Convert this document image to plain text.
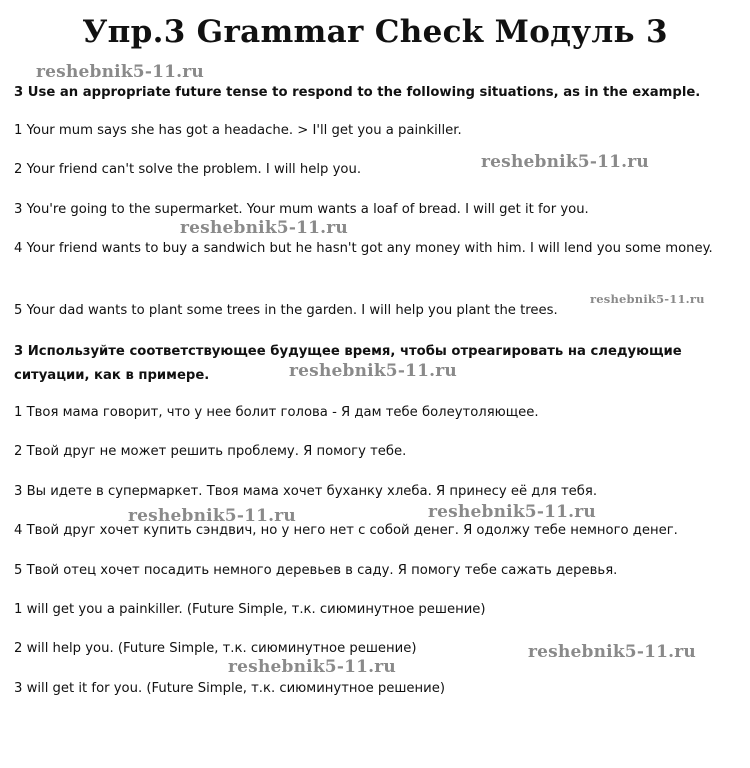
Упр.3 Grammar Check Модуль 3
3 Use an appropriate future tense to respond to the following situations, as in the example.
1 Your mum says she has got a headache. > I'll get you a painkiller.
2 Your friend can't solve the problem. I will help you.
3 You're going to the supermarket. Your mum wants a loaf of bread. I will get it for you.
4 Your friend wants to buy a sandwich but he hasn't got any money with him. I will lend you some money.
5 Your dad wants to plant some trees in the garden. I will help you plant the trees.
3 Используйте соответствующее будущее время, чтобы отреагировать на следующие ситуации, как в примере.
1 Твоя мама говорит, что у нее болит голова - Я дам тебе болеутоляющее.
2 Твой друг не может решить проблему. Я помогу тебе.
3 Вы идете в супермаркет. Твоя мама хочет буханку хлеба. Я принесу её для тебя.
4 Твой друг хочет купить сэндвич, но у него нет с собой денег. Я одолжу тебе немного денег.
5 Твой отец хочет посадить немного деревьев в саду. Я помогу тебе сажать деревья.
1 will get you a painkiller. (Future Simple, т.к. сиюминутное решение)
2 will help you. (Future Simple, т.к. сиюминутное решение)
3 will get it for you. (Future Simple, т.к. сиюминутное решение)
reshebnik5-11.ru
reshebnik5-11.ru
reshebnik5-11.ru
reshebnik5-11.ru
reshebnik5-11.ru
reshebnik5-11.ru	reshebnik5-11.ru
reshebnik5-11.ru
reshebnik5-11.ru
